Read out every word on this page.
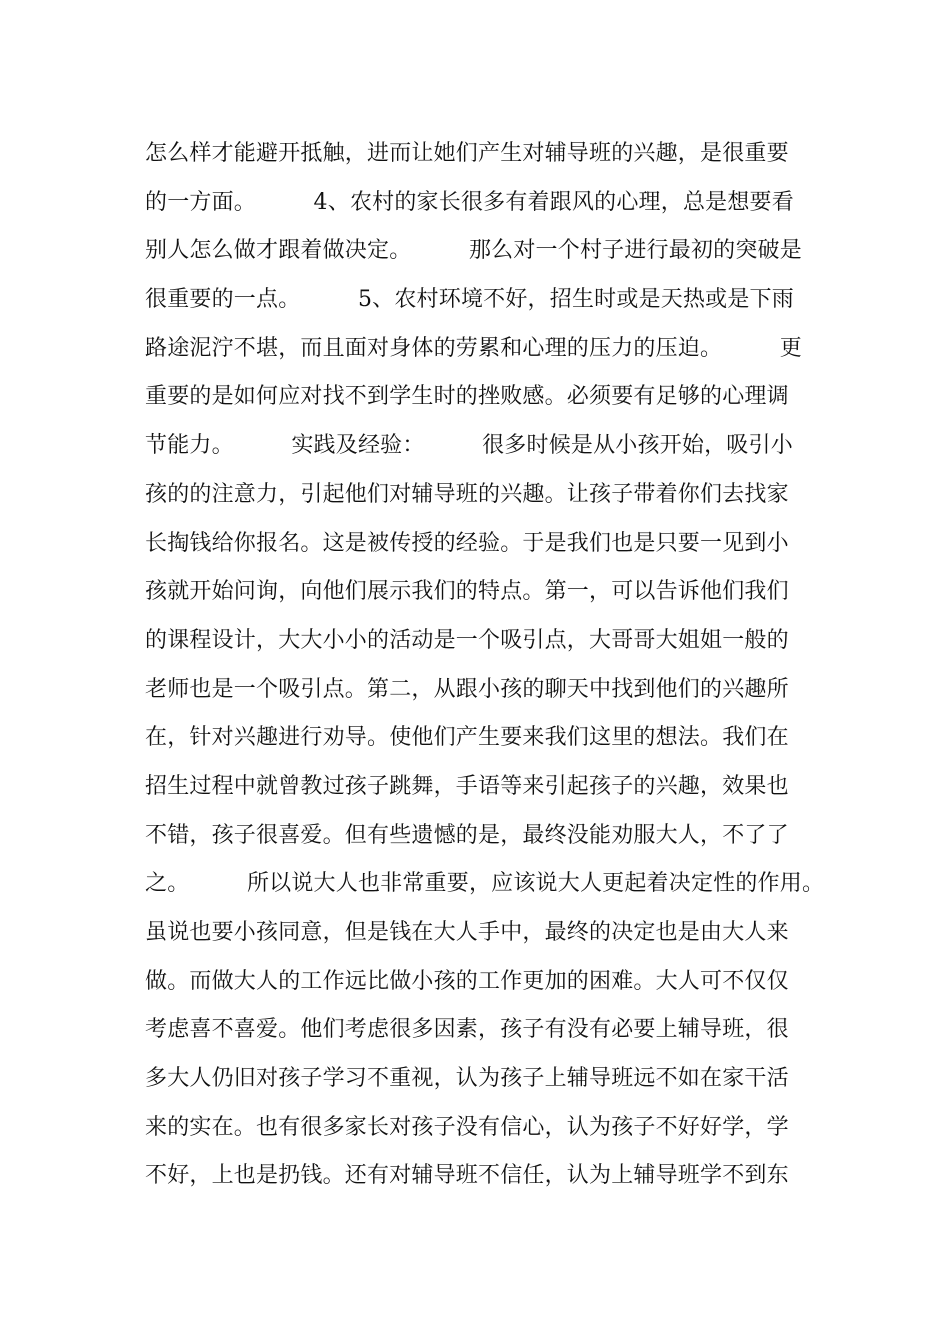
怎么样才能避开抵触，进而让她们产生对辅导班的兴趣，是很重要
的一方面。        4、农村的家长很多有着跟风的心理，总是想要看
别人怎么做才跟着做决定。        那么对一个村子进行最初的突破是
很重要的一点。        5、农村环境不好，招生时或是天热或是下雨
路途泥泞不堪，而且面对身体的劳累和心理的压力的压迫。        更
重要的是如何应对找不到学生时的挫败感。必须要有足够的心理调
节能力。        实践及经验：        很多时候是从小孩开始，吸引小
孩的的注意力，引起他们对辅导班的兴趣。让孩子带着你们去找家
长掏钱给你报名。这是被传授的经验。于是我们也是只要一见到小
孩就开始问询，向他们展示我们的特点。第一，可以告诉他们我们
的课程设计，大大小小的活动是一个吸引点，大哥哥大姐姐一般的
老师也是一个吸引点。第二，从跟小孩的聊天中找到他们的兴趣所
在，针对兴趣进行劝导。使他们产生要来我们这里的想法。我们在
招生过程中就曾教过孩子跳舞，手语等来引起孩子的兴趣，效果也
不错，孩子很喜爱。但有些遗憾的是，最终没能劝服大人，不了了
之。        所以说大人也非常重要，应该说大人更起着决定性的作用。
虽说也要小孩同意，但是钱在大人手中，最终的决定也是由大人来
做。而做大人的工作远比做小孩的工作更加的困难。大人可不仅仅
考虑喜不喜爱。他们考虑很多因素，孩子有没有必要上辅导班，很
多大人仍旧对孩子学习不重视，认为孩子上辅导班远不如在家干活
来的实在。也有很多家长对孩子没有信心，认为孩子不好好学，学
不好，上也是扔钱。还有对辅导班不信任，认为上辅导班学不到东
